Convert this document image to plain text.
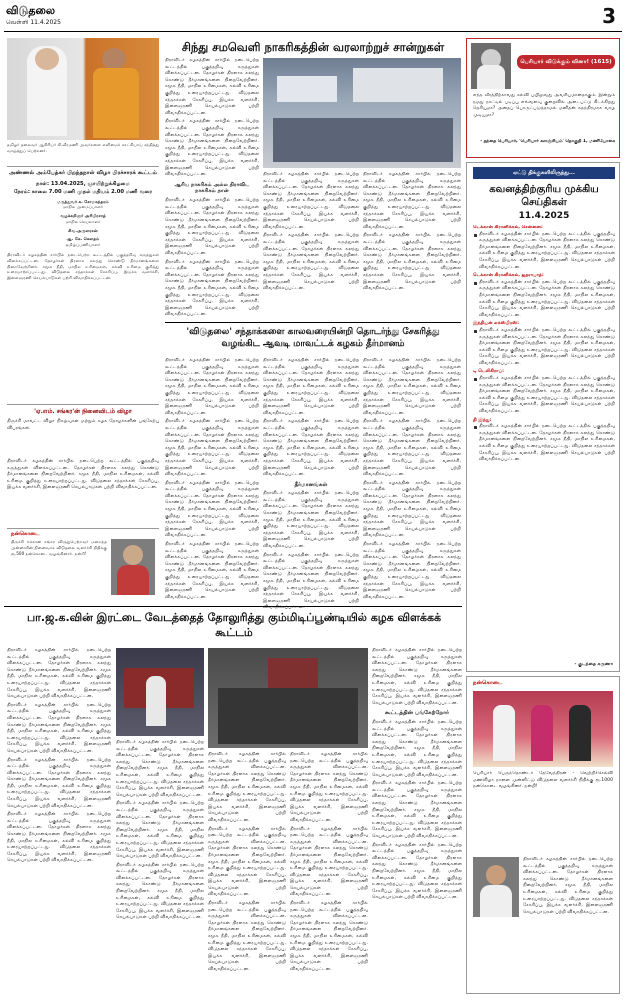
விடுதலை
வெள்ளி 11.4.2025	3
தமிழர் தலைவர் ஆசிரியர் கி.வீரமணி அவர்களை எளிமைக் காட்சியாய் சந்தித்து வாழ்த்துப் பெற்றனர்.
அண்ணல் அம்பேத்கர் பிறந்தநாள் விழா பிரச்சாரக் கூட்டம்
நாள்: 13.04.2025, ஞாயிற்றுக்கிழமை
நேரம்: காலை 7.00 மணி முதல் மதியம் 2.00 மணி வரை
மருத்துவர் க. சோமசுந்தரம்
மாநில அமைப்பாளர்
வழக்கறிஞர் அரிபிரசாத்
மாநில செயலாளர்
சிவ.அருளரசன்
ஆ. கே. கௌதம்
தமிழ்ப்பணியாளர்
திராவிடர் கழகத்தின் சார்பில் நடைபெற்ற கூட்டத்தில் பகுத்தறிவு கருத்துகள் விளக்கப்பட்டன. தோழர்கள் திரளாக கலந்து கொண்டு தீர்மானங்களை நிறைவேற்றினர். சமூக நீதி, மாநில உரிமைகள், கல்வி உரிமை குறித்து உரையாற்றப்பட்டது. விடுதலை சந்தாக்கள் சேகரிப்பு, இயக்க வளர்ச்சி, இளைஞரணி செயல்பாடுகள் பற்றி விவாதிக்கப்பட்டன.
'ஏ.எம். சங்கர'ன் நினைவிடம் விழா
திருச்சி மாவட்ட விழா நிகழ்வுகள் மற்றும் கழக தோழர்களின் பங்கேற்பு விபரங்கள்.
திராவிடர் கழகத்தின் சார்பில் நடைபெற்ற கூட்டத்தில் பகுத்தறிவு கருத்துகள் விளக்கப்பட்டன. தோழர்கள் திரளாக கலந்து கொண்டு தீர்மானங்களை நிறைவேற்றினர். சமூக நீதி, மாநில உரிமைகள், கல்வி உரிமை குறித்து உரையாற்றப்பட்டது. விடுதலை சந்தாக்கள் சேகரிப்பு, இயக்க வளர்ச்சி, இளைஞரணி செயல்பாடுகள் பற்றி விவாதிக்கப்பட்டன.
நன்கொடை
திருச்சி ஈக்கான சங்கர விருதுபெற்றவர் மறைந்த அன்னாரின் நினைவாக விடுதலை வளர்ச்சி நிதிக்கு ரூ.500 நன்கொடை வழங்கினார். நன்றி!
சிந்து சமவெளி நாகரிகத்தின் வரலாற்றுச் சான்றுகள்

திராவிடர் கழகத்தின் சார்பில் நடைபெற்ற கூட்டத்தில் பகுத்தறிவு கருத்துகள் விளக்கப்பட்டன. தோழர்கள் திரளாக கலந்து கொண்டு தீர்மானங்களை நிறைவேற்றினர். சமூக நீதி, மாநில உரிமைகள், கல்வி உரிமை குறித்து உரையாற்றப்பட்டது. விடுதலை சந்தாக்கள் சேகரிப்பு, இயக்க வளர்ச்சி, இளைஞரணி செயல்பாடுகள் பற்றி விவாதிக்கப்பட்டன.

திராவிடர் கழகத்தின் சார்பில் நடைபெற்ற கூட்டத்தில் பகுத்தறிவு கருத்துகள் விளக்கப்பட்டன. தோழர்கள் திரளாக கலந்து கொண்டு தீர்மானங்களை நிறைவேற்றினர். சமூக நீதி, மாநில உரிமைகள், கல்வி உரிமை குறித்து உரையாற்றப்பட்டது. விடுதலை சந்தாக்கள் சேகரிப்பு, இயக்க வளர்ச்சி, இளைஞரணி செயல்பாடுகள் பற்றி விவாதிக்கப்பட்டன.

ஆரிய நாகரிகம் அல்ல திராவிட நாகரிகம் தான்

திராவிடர் கழகத்தின் சார்பில் நடைபெற்ற கூட்டத்தில் பகுத்தறிவு கருத்துகள் விளக்கப்பட்டன. தோழர்கள் திரளாக கலந்து கொண்டு தீர்மானங்களை நிறைவேற்றினர். சமூக நீதி, மாநில உரிமைகள், கல்வி உரிமை குறித்து உரையாற்றப்பட்டது. விடுதலை சந்தாக்கள் சேகரிப்பு, இயக்க வளர்ச்சி, இளைஞரணி செயல்பாடுகள் பற்றி விவாதிக்கப்பட்டன.

திராவிடர் கழகத்தின் சார்பில் நடைபெற்ற கூட்டத்தில் பகுத்தறிவு கருத்துகள் விளக்கப்பட்டன. தோழர்கள் திரளாக கலந்து கொண்டு தீர்மானங்களை நிறைவேற்றினர். சமூக நீதி, மாநில உரிமைகள், கல்வி உரிமை குறித்து உரையாற்றப்பட்டது. விடுதலை சந்தாக்கள் சேகரிப்பு, இயக்க வளர்ச்சி, இளைஞரணி செயல்பாடுகள் பற்றி விவாதிக்கப்பட்டன.

திராவிடர் கழகத்தின் சார்பில் நடைபெற்ற கூட்டத்தில் பகுத்தறிவு கருத்துகள் விளக்கப்பட்டன. தோழர்கள் திரளாக கலந்து கொண்டு தீர்மானங்களை நிறைவேற்றினர். சமூக நீதி, மாநில உரிமைகள், கல்வி உரிமை குறித்து உரையாற்றப்பட்டது. விடுதலை சந்தாக்கள் சேகரிப்பு, இயக்க வளர்ச்சி, இளைஞரணி செயல்பாடுகள் பற்றி விவாதிக்கப்பட்டன.

திராவிடர் கழகத்தின் சார்பில் நடைபெற்ற கூட்டத்தில் பகுத்தறிவு கருத்துகள் விளக்கப்பட்டன. தோழர்கள் திரளாக கலந்து கொண்டு தீர்மானங்களை நிறைவேற்றினர். சமூக நீதி, மாநில உரிமைகள், கல்வி உரிமை குறித்து உரையாற்றப்பட்டது. விடுதலை சந்தாக்கள் சேகரிப்பு, இயக்க வளர்ச்சி, இளைஞரணி செயல்பாடுகள் பற்றி விவாதிக்கப்பட்டன.

திராவிடர் கழகத்தின் சார்பில் நடைபெற்ற கூட்டத்தில் பகுத்தறிவு கருத்துகள் விளக்கப்பட்டன. தோழர்கள் திரளாக கலந்து கொண்டு தீர்மானங்களை நிறைவேற்றினர். சமூக நீதி, மாநில உரிமைகள், கல்வி உரிமை குறித்து உரையாற்றப்பட்டது. விடுதலை சந்தாக்கள் சேகரிப்பு, இயக்க வளர்ச்சி, இளைஞரணி செயல்பாடுகள் பற்றி விவாதிக்கப்பட்டன.

திராவிடர் கழகத்தின் சார்பில் நடைபெற்ற கூட்டத்தில் பகுத்தறிவு கருத்துகள் விளக்கப்பட்டன. தோழர்கள் திரளாக கலந்து கொண்டு தீர்மானங்களை நிறைவேற்றினர். சமூக நீதி, மாநில உரிமைகள், கல்வி உரிமை குறித்து உரையாற்றப்பட்டது. விடுதலை சந்தாக்கள் சேகரிப்பு, இயக்க வளர்ச்சி, இளைஞரணி செயல்பாடுகள் பற்றி விவாதிக்கப்பட்டன.

'விடுதலை' சந்தாக்களை காலவரையின்றி தொடர்ந்து சேகரித்து வழங்கிட ஆவடி மாவட்டக் கழகம் தீர்மானம்

திராவிடர் கழகத்தின் சார்பில் நடைபெற்ற கூட்டத்தில் பகுத்தறிவு கருத்துகள் விளக்கப்பட்டன. தோழர்கள் திரளாக கலந்து கொண்டு தீர்மானங்களை நிறைவேற்றினர். சமூக நீதி, மாநில உரிமைகள், கல்வி உரிமை குறித்து உரையாற்றப்பட்டது. விடுதலை சந்தாக்கள் சேகரிப்பு, இயக்க வளர்ச்சி, இளைஞரணி செயல்பாடுகள் பற்றி விவாதிக்கப்பட்டன.

திராவிடர் கழகத்தின் சார்பில் நடைபெற்ற கூட்டத்தில் பகுத்தறிவு கருத்துகள் விளக்கப்பட்டன. தோழர்கள் திரளாக கலந்து கொண்டு தீர்மானங்களை நிறைவேற்றினர். சமூக நீதி, மாநில உரிமைகள், கல்வி உரிமை குறித்து உரையாற்றப்பட்டது. விடுதலை சந்தாக்கள் சேகரிப்பு, இயக்க வளர்ச்சி, இளைஞரணி செயல்பாடுகள் பற்றி விவாதிக்கப்பட்டன.

திராவிடர் கழகத்தின் சார்பில் நடைபெற்ற கூட்டத்தில் பகுத்தறிவு கருத்துகள் விளக்கப்பட்டன. தோழர்கள் திரளாக கலந்து கொண்டு தீர்மானங்களை நிறைவேற்றினர். சமூக நீதி, மாநில உரிமைகள், கல்வி உரிமை குறித்து உரையாற்றப்பட்டது. விடுதலை சந்தாக்கள் சேகரிப்பு, இயக்க வளர்ச்சி, இளைஞரணி செயல்பாடுகள் பற்றி விவாதிக்கப்பட்டன.

திராவிடர் கழகத்தின் சார்பில் நடைபெற்ற கூட்டத்தில் பகுத்தறிவு கருத்துகள் விளக்கப்பட்டன. தோழர்கள் திரளாக கலந்து கொண்டு தீர்மானங்களை நிறைவேற்றினர். சமூக நீதி, மாநில உரிமைகள், கல்வி உரிமை குறித்து உரையாற்றப்பட்டது. விடுதலை சந்தாக்கள் சேகரிப்பு, இயக்க வளர்ச்சி, இளைஞரணி செயல்பாடுகள் பற்றி விவாதிக்கப்பட்டன.

திராவிடர் கழகத்தின் சார்பில் நடைபெற்ற கூட்டத்தில் பகுத்தறிவு கருத்துகள் விளக்கப்பட்டன. தோழர்கள் திரளாக கலந்து கொண்டு தீர்மானங்களை நிறைவேற்றினர். சமூக நீதி, மாநில உரிமைகள், கல்வி உரிமை குறித்து உரையாற்றப்பட்டது. விடுதலை சந்தாக்கள் சேகரிப்பு, இயக்க வளர்ச்சி, இளைஞரணி செயல்பாடுகள் பற்றி விவாதிக்கப்பட்டன.

திராவிடர் கழகத்தின் சார்பில் நடைபெற்ற கூட்டத்தில் பகுத்தறிவு கருத்துகள் விளக்கப்பட்டன. தோழர்கள் திரளாக கலந்து கொண்டு தீர்மானங்களை நிறைவேற்றினர். சமூக நீதி, மாநில உரிமைகள், கல்வி உரிமை குறித்து உரையாற்றப்பட்டது. விடுதலை சந்தாக்கள் சேகரிப்பு, இயக்க வளர்ச்சி, இளைஞரணி செயல்பாடுகள் பற்றி விவாதிக்கப்பட்டன.

தீர்மானங்கள்

திராவிடர் கழகத்தின் சார்பில் நடைபெற்ற கூட்டத்தில் பகுத்தறிவு கருத்துகள் விளக்கப்பட்டன. தோழர்கள் திரளாக கலந்து கொண்டு தீர்மானங்களை நிறைவேற்றினர். சமூக நீதி, மாநில உரிமைகள், கல்வி உரிமை குறித்து உரையாற்றப்பட்டது. விடுதலை சந்தாக்கள் சேகரிப்பு, இயக்க வளர்ச்சி, இளைஞரணி செயல்பாடுகள் பற்றி விவாதிக்கப்பட்டன.

திராவிடர் கழகத்தின் சார்பில் நடைபெற்ற கூட்டத்தில் பகுத்தறிவு கருத்துகள் விளக்கப்பட்டன. தோழர்கள் திரளாக கலந்து கொண்டு தீர்மானங்களை நிறைவேற்றினர். சமூக நீதி, மாநில உரிமைகள், கல்வி உரிமை குறித்து உரையாற்றப்பட்டது. விடுதலை சந்தாக்கள் சேகரிப்பு, இயக்க வளர்ச்சி, இளைஞரணி செயல்பாடுகள் பற்றி விவாதிக்கப்பட்டன.

திராவிடர் கழகத்தின் சார்பில் நடைபெற்ற கூட்டத்தில் பகுத்தறிவு கருத்துகள் விளக்கப்பட்டன. தோழர்கள் திரளாக கலந்து கொண்டு தீர்மானங்களை நிறைவேற்றினர். சமூக நீதி, மாநில உரிமைகள், கல்வி உரிமை குறித்து உரையாற்றப்பட்டது. விடுதலை சந்தாக்கள் சேகரிப்பு, இயக்க வளர்ச்சி, இளைஞரணி செயல்பாடுகள் பற்றி விவாதிக்கப்பட்டன.

திராவிடர் கழகத்தின் சார்பில் நடைபெற்ற கூட்டத்தில் பகுத்தறிவு கருத்துகள் விளக்கப்பட்டன. தோழர்கள் திரளாக கலந்து கொண்டு தீர்மானங்களை நிறைவேற்றினர். சமூக நீதி, மாநில உரிமைகள், கல்வி உரிமை குறித்து உரையாற்றப்பட்டது. விடுதலை சந்தாக்கள் சேகரிப்பு, இயக்க வளர்ச்சி, இளைஞரணி செயல்பாடுகள் பற்றி விவாதிக்கப்பட்டன.

திராவிடர் கழகத்தின் சார்பில் நடைபெற்ற கூட்டத்தில் பகுத்தறிவு கருத்துகள் விளக்கப்பட்டன. தோழர்கள் திரளாக கலந்து கொண்டு தீர்மானங்களை நிறைவேற்றினர். சமூக நீதி, மாநில உரிமைகள், கல்வி உரிமை குறித்து உரையாற்றப்பட்டது. விடுதலை சந்தாக்கள் சேகரிப்பு, இயக்க வளர்ச்சி, இளைஞரணி செயல்பாடுகள் பற்றி விவாதிக்கப்பட்டன.

திராவிடர் கழகத்தின் சார்பில் நடைபெற்ற கூட்டத்தில் பகுத்தறிவு கருத்துகள் விளக்கப்பட்டன. தோழர்கள் திரளாக கலந்து கொண்டு தீர்மானங்களை நிறைவேற்றினர். சமூக நீதி, மாநில உரிமைகள், கல்வி உரிமை குறித்து உரையாற்றப்பட்டது. விடுதலை சந்தாக்கள் சேகரிப்பு, இயக்க வளர்ச்சி, இளைஞரணி செயல்பாடுகள் பற்றி விவாதிக்கப்பட்டன.

பெரியார் விடுக்கும் வினா! (1615)
எந்த வீரத்திற்காவது கல்வி பயிலுவது அவசியமானதாகும். இன்றும் நமது நாட்டில் படிப்பு எவ்வளவு குறைவில் அடைபட்டு கிடக்கிறது தெரியுமா? அதைப் பொருட்படுத்தாமல் மனிதன் சுதந்திரமாக வாழ முடியுமா?
- தந்தை பெரியார், 'பெரியார் களஞ்சியம்' தொகுதி 1, மணியோசை
ஏட்டு திக்குகளிலிருந்து...
கவனத்திற்குரிய முக்கிய செய்திகள்
11.4.2025
டெக்கான் கிரானிக்கல், சென்னை:

திராவிடர் கழகத்தின் சார்பில் நடைபெற்ற கூட்டத்தில் பகுத்தறிவு கருத்துகள் விளக்கப்பட்டன. தோழர்கள் திரளாக கலந்து கொண்டு தீர்மானங்களை நிறைவேற்றினர். சமூக நீதி, மாநில உரிமைகள், கல்வி உரிமை குறித்து உரையாற்றப்பட்டது. விடுதலை சந்தாக்கள் சேகரிப்பு, இயக்க வளர்ச்சி, இளைஞரணி செயல்பாடுகள் பற்றி விவாதிக்கப்பட்டன.

டெக்கான் கிரானிக்கல், ஐதராபாத்:

திராவிடர் கழகத்தின் சார்பில் நடைபெற்ற கூட்டத்தில் பகுத்தறிவு கருத்துகள் விளக்கப்பட்டன. தோழர்கள் திரளாக கலந்து கொண்டு தீர்மானங்களை நிறைவேற்றினர். சமூக நீதி, மாநில உரிமைகள், கல்வி உரிமை குறித்து உரையாற்றப்பட்டது. விடுதலை சந்தாக்கள் சேகரிப்பு, இயக்க வளர்ச்சி, இளைஞரணி செயல்பாடுகள் பற்றி விவாதிக்கப்பட்டன.

இந்தியன் எக்ஸ்பிரஸ்:

திராவிடர் கழகத்தின் சார்பில் நடைபெற்ற கூட்டத்தில் பகுத்தறிவு கருத்துகள் விளக்கப்பட்டன. தோழர்கள் திரளாக கலந்து கொண்டு தீர்மானங்களை நிறைவேற்றினர். சமூக நீதி, மாநில உரிமைகள், கல்வி உரிமை குறித்து உரையாற்றப்பட்டது. விடுதலை சந்தாக்கள் சேகரிப்பு, இயக்க வளர்ச்சி, இளைஞரணி செயல்பாடுகள் பற்றி விவாதிக்கப்பட்டன.

டி டெலிகிராப்:

திராவிடர் கழகத்தின் சார்பில் நடைபெற்ற கூட்டத்தில் பகுத்தறிவு கருத்துகள் விளக்கப்பட்டன. தோழர்கள் திரளாக கலந்து கொண்டு தீர்மானங்களை நிறைவேற்றினர். சமூக நீதி, மாநில உரிமைகள், கல்வி உரிமை குறித்து உரையாற்றப்பட்டது. விடுதலை சந்தாக்கள் சேகரிப்பு, இயக்க வளர்ச்சி, இளைஞரணி செயல்பாடுகள் பற்றி விவாதிக்கப்பட்டன.

தி இந்து:

திராவிடர் கழகத்தின் சார்பில் நடைபெற்ற கூட்டத்தில் பகுத்தறிவு கருத்துகள் விளக்கப்பட்டன. தோழர்கள் திரளாக கலந்து கொண்டு தீர்மானங்களை நிறைவேற்றினர். சமூக நீதி, மாநில உரிமைகள், கல்வி உரிமை குறித்து உரையாற்றப்பட்டது. விடுதலை சந்தாக்கள் சேகரிப்பு, இயக்க வளர்ச்சி, இளைஞரணி செயல்பாடுகள் பற்றி விவாதிக்கப்பட்டன.

- குடந்தை கருணா
நன்கொடை
பெரியார் பெருந்தொண்டர் தேவேந்திரன் - வெற்றிச்செல்வி மணவிழா நாளை முன்னிட்டு விடுதலை வளர்ச்சி நிதிக்கு ரூ.1000 நன்கொடை வழங்கினர். நன்றி!
திராவிடர் கழகத்தின் சார்பில் நடைபெற்ற கூட்டத்தில் பகுத்தறிவு கருத்துகள் விளக்கப்பட்டன. தோழர்கள் திரளாக கலந்து கொண்டு தீர்மானங்களை நிறைவேற்றினர். சமூக நீதி, மாநில உரிமைகள், கல்வி உரிமை குறித்து உரையாற்றப்பட்டது. விடுதலை சந்தாக்கள் சேகரிப்பு, இயக்க வளர்ச்சி, இளைஞரணி செயல்பாடுகள் பற்றி விவாதிக்கப்பட்டன.
பா.ஜ.க.வின் இரட்டை வேடத்தைத் தோலுரித்து கும்மிடிப்பூண்டியில் கழக விளக்கக் கூட்டம்

திராவிடர் கழகத்தின் சார்பில் நடைபெற்ற கூட்டத்தில் பகுத்தறிவு கருத்துகள் விளக்கப்பட்டன. தோழர்கள் திரளாக கலந்து கொண்டு தீர்மானங்களை நிறைவேற்றினர். சமூக நீதி, மாநில உரிமைகள், கல்வி உரிமை குறித்து உரையாற்றப்பட்டது. விடுதலை சந்தாக்கள் சேகரிப்பு, இயக்க வளர்ச்சி, இளைஞரணி செயல்பாடுகள் பற்றி விவாதிக்கப்பட்டன.

திராவிடர் கழகத்தின் சார்பில் நடைபெற்ற கூட்டத்தில் பகுத்தறிவு கருத்துகள் விளக்கப்பட்டன. தோழர்கள் திரளாக கலந்து கொண்டு தீர்மானங்களை நிறைவேற்றினர். சமூக நீதி, மாநில உரிமைகள், கல்வி உரிமை குறித்து உரையாற்றப்பட்டது. விடுதலை சந்தாக்கள் சேகரிப்பு, இயக்க வளர்ச்சி, இளைஞரணி செயல்பாடுகள் பற்றி விவாதிக்கப்பட்டன.

திராவிடர் கழகத்தின் சார்பில் நடைபெற்ற கூட்டத்தில் பகுத்தறிவு கருத்துகள் விளக்கப்பட்டன. தோழர்கள் திரளாக கலந்து கொண்டு தீர்மானங்களை நிறைவேற்றினர். சமூக நீதி, மாநில உரிமைகள், கல்வி உரிமை குறித்து உரையாற்றப்பட்டது. விடுதலை சந்தாக்கள் சேகரிப்பு, இயக்க வளர்ச்சி, இளைஞரணி செயல்பாடுகள் பற்றி விவாதிக்கப்பட்டன.

திராவிடர் கழகத்தின் சார்பில் நடைபெற்ற கூட்டத்தில் பகுத்தறிவு கருத்துகள் விளக்கப்பட்டன. தோழர்கள் திரளாக கலந்து கொண்டு தீர்மானங்களை நிறைவேற்றினர். சமூக நீதி, மாநில உரிமைகள், கல்வி உரிமை குறித்து உரையாற்றப்பட்டது. விடுதலை சந்தாக்கள் சேகரிப்பு, இயக்க வளர்ச்சி, இளைஞரணி செயல்பாடுகள் பற்றி விவாதிக்கப்பட்டன.

திராவிடர் கழகத்தின் சார்பில் நடைபெற்ற கூட்டத்தில் பகுத்தறிவு கருத்துகள் விளக்கப்பட்டன. தோழர்கள் திரளாக கலந்து கொண்டு தீர்மானங்களை நிறைவேற்றினர். சமூக நீதி, மாநில உரிமைகள், கல்வி உரிமை குறித்து உரையாற்றப்பட்டது. விடுதலை சந்தாக்கள் சேகரிப்பு, இயக்க வளர்ச்சி, இளைஞரணி செயல்பாடுகள் பற்றி விவாதிக்கப்பட்டன.

திராவிடர் கழகத்தின் சார்பில் நடைபெற்ற கூட்டத்தில் பகுத்தறிவு கருத்துகள் விளக்கப்பட்டன. தோழர்கள் திரளாக கலந்து கொண்டு தீர்மானங்களை நிறைவேற்றினர். சமூக நீதி, மாநில உரிமைகள், கல்வி உரிமை குறித்து உரையாற்றப்பட்டது. விடுதலை சந்தாக்கள் சேகரிப்பு, இயக்க வளர்ச்சி, இளைஞரணி செயல்பாடுகள் பற்றி விவாதிக்கப்பட்டன.

திராவிடர் கழகத்தின் சார்பில் நடைபெற்ற கூட்டத்தில் பகுத்தறிவு கருத்துகள் விளக்கப்பட்டன. தோழர்கள் திரளாக கலந்து கொண்டு தீர்மானங்களை நிறைவேற்றினர். சமூக நீதி, மாநில உரிமைகள், கல்வி உரிமை குறித்து உரையாற்றப்பட்டது. விடுதலை சந்தாக்கள் சேகரிப்பு, இயக்க வளர்ச்சி, இளைஞரணி செயல்பாடுகள் பற்றி விவாதிக்கப்பட்டன.

திராவிடர் கழகத்தின் சார்பில் நடைபெற்ற கூட்டத்தில் பகுத்தறிவு கருத்துகள் விளக்கப்பட்டன. தோழர்கள் திரளாக கலந்து கொண்டு தீர்மானங்களை நிறைவேற்றினர். சமூக நீதி, மாநில உரிமைகள், கல்வி உரிமை குறித்து உரையாற்றப்பட்டது. விடுதலை சந்தாக்கள் சேகரிப்பு, இயக்க வளர்ச்சி, இளைஞரணி செயல்பாடுகள் பற்றி விவாதிக்கப்பட்டன.

திராவிடர் கழகத்தின் சார்பில் நடைபெற்ற கூட்டத்தில் பகுத்தறிவு கருத்துகள் விளக்கப்பட்டன. தோழர்கள் திரளாக கலந்து கொண்டு தீர்மானங்களை நிறைவேற்றினர். சமூக நீதி, மாநில உரிமைகள், கல்வி உரிமை குறித்து உரையாற்றப்பட்டது. விடுதலை சந்தாக்கள் சேகரிப்பு, இயக்க வளர்ச்சி, இளைஞரணி செயல்பாடுகள் பற்றி விவாதிக்கப்பட்டன.

திராவிடர் கழகத்தின் சார்பில் நடைபெற்ற கூட்டத்தில் பகுத்தறிவு கருத்துகள் விளக்கப்பட்டன. தோழர்கள் திரளாக கலந்து கொண்டு தீர்மானங்களை நிறைவேற்றினர். சமூக நீதி, மாநில உரிமைகள், கல்வி உரிமை குறித்து உரையாற்றப்பட்டது. விடுதலை சந்தாக்கள் சேகரிப்பு, இயக்க வளர்ச்சி, இளைஞரணி செயல்பாடுகள் பற்றி விவாதிக்கப்பட்டன.

திராவிடர் கழகத்தின் சார்பில் நடைபெற்ற கூட்டத்தில் பகுத்தறிவு கருத்துகள் விளக்கப்பட்டன. தோழர்கள் திரளாக கலந்து கொண்டு தீர்மானங்களை நிறைவேற்றினர். சமூக நீதி, மாநில உரிமைகள், கல்வி உரிமை குறித்து உரையாற்றப்பட்டது. விடுதலை சந்தாக்கள் சேகரிப்பு, இயக்க வளர்ச்சி, இளைஞரணி செயல்பாடுகள் பற்றி விவாதிக்கப்பட்டன.

திராவிடர் கழகத்தின் சார்பில் நடைபெற்ற கூட்டத்தில் பகுத்தறிவு கருத்துகள் விளக்கப்பட்டன. தோழர்கள் திரளாக கலந்து கொண்டு தீர்மானங்களை நிறைவேற்றினர். சமூக நீதி, மாநில உரிமைகள், கல்வி உரிமை குறித்து உரையாற்றப்பட்டது. விடுதலை சந்தாக்கள் சேகரிப்பு, இயக்க வளர்ச்சி, இளைஞரணி செயல்பாடுகள் பற்றி விவாதிக்கப்பட்டன.

திராவிடர் கழகத்தின் சார்பில் நடைபெற்ற கூட்டத்தில் பகுத்தறிவு கருத்துகள் விளக்கப்பட்டன. தோழர்கள் திரளாக கலந்து கொண்டு தீர்மானங்களை நிறைவேற்றினர். சமூக நீதி, மாநில உரிமைகள், கல்வி உரிமை குறித்து உரையாற்றப்பட்டது. விடுதலை சந்தாக்கள் சேகரிப்பு, இயக்க வளர்ச்சி, இளைஞரணி செயல்பாடுகள் பற்றி விவாதிக்கப்பட்டன.

திராவிடர் கழகத்தின் சார்பில் நடைபெற்ற கூட்டத்தில் பகுத்தறிவு கருத்துகள் விளக்கப்பட்டன. தோழர்கள் திரளாக கலந்து கொண்டு தீர்மானங்களை நிறைவேற்றினர். சமூக நீதி, மாநில உரிமைகள், கல்வி உரிமை குறித்து உரையாற்றப்பட்டது. விடுதலை சந்தாக்கள் சேகரிப்பு, இயக்க வளர்ச்சி, இளைஞரணி செயல்பாடுகள் பற்றி விவாதிக்கப்பட்டன.

கூட்டத்தின் பங்கேற்றோர்

திராவிடர் கழகத்தின் சார்பில் நடைபெற்ற கூட்டத்தில் பகுத்தறிவு கருத்துகள் விளக்கப்பட்டன. தோழர்கள் திரளாக கலந்து கொண்டு தீர்மானங்களை நிறைவேற்றினர். சமூக நீதி, மாநில உரிமைகள், கல்வி உரிமை குறித்து உரையாற்றப்பட்டது. விடுதலை சந்தாக்கள் சேகரிப்பு, இயக்க வளர்ச்சி, இளைஞரணி செயல்பாடுகள் பற்றி விவாதிக்கப்பட்டன.

திராவிடர் கழகத்தின் சார்பில் நடைபெற்ற கூட்டத்தில் பகுத்தறிவு கருத்துகள் விளக்கப்பட்டன. தோழர்கள் திரளாக கலந்து கொண்டு தீர்மானங்களை நிறைவேற்றினர். சமூக நீதி, மாநில உரிமைகள், கல்வி உரிமை குறித்து உரையாற்றப்பட்டது. விடுதலை சந்தாக்கள் சேகரிப்பு, இயக்க வளர்ச்சி, இளைஞரணி செயல்பாடுகள் பற்றி விவாதிக்கப்பட்டன.

திராவிடர் கழகத்தின் சார்பில் நடைபெற்ற கூட்டத்தில் பகுத்தறிவு கருத்துகள் விளக்கப்பட்டன. தோழர்கள் திரளாக கலந்து கொண்டு தீர்மானங்களை நிறைவேற்றினர். சமூக நீதி, மாநில உரிமைகள், கல்வி உரிமை குறித்து உரையாற்றப்பட்டது. விடுதலை சந்தாக்கள் சேகரிப்பு, இயக்க வளர்ச்சி, இளைஞரணி செயல்பாடுகள் பற்றி விவாதிக்கப்பட்டன.
